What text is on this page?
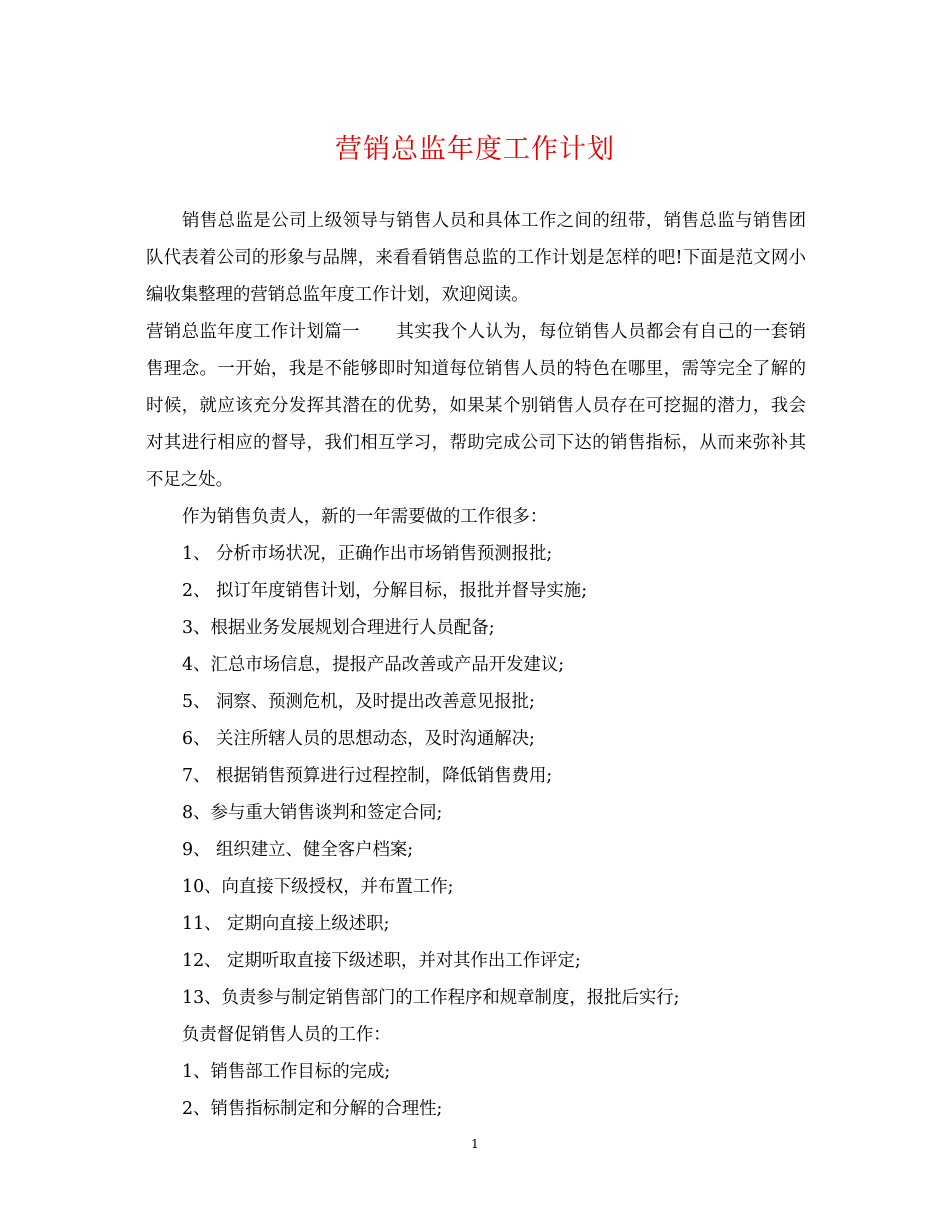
营销总监年度工作计划

销售总监是公司上级领导与销售人员和具体工作之间的纽带，销售总监与销售团队代表着公司的形象与品牌，来看看销售总监的工作计划是怎样的吧!下面是范文网小编收集整理的营销总监年度工作计划，欢迎阅读。

营销总监年度工作计划篇一 其实我个人认为，每位销售人员都会有自己的一套销售理念。一开始，我是不能够即时知道每位销售人员的特色在哪里，需等完全了解的时候，就应该充分发挥其潜在的优势，如果某个别销售人员存在可挖掘的潜力，我会对其进行相应的督导，我们相互学习，帮助完成公司下达的销售指标，从而来弥补其不足之处。

作为销售负责人，新的一年需要做的工作很多：

1、 分析市场状况，正确作出市场销售预测报批;

2、 拟订年度销售计划，分解目标，报批并督导实施;

3、根据业务发展规划合理进行人员配备;

4、汇总市场信息，提报产品改善或产品开发建议;

5、 洞察、预测危机，及时提出改善意见报批;

6、 关注所辖人员的思想动态，及时沟通解决;

7、 根据销售预算进行过程控制，降低销售费用;

8、参与重大销售谈判和签定合同;

9、 组织建立、健全客户档案;

10、向直接下级授权，并布置工作;

11、 定期向直接上级述职;

12、 定期听取直接下级述职，并对其作出工作评定;

13、负责参与制定销售部门的工作程序和规章制度，报批后实行;

负责督促销售人员的工作：

1、销售部工作目标的完成;

2、销售指标制定和分解的合理性;

1
